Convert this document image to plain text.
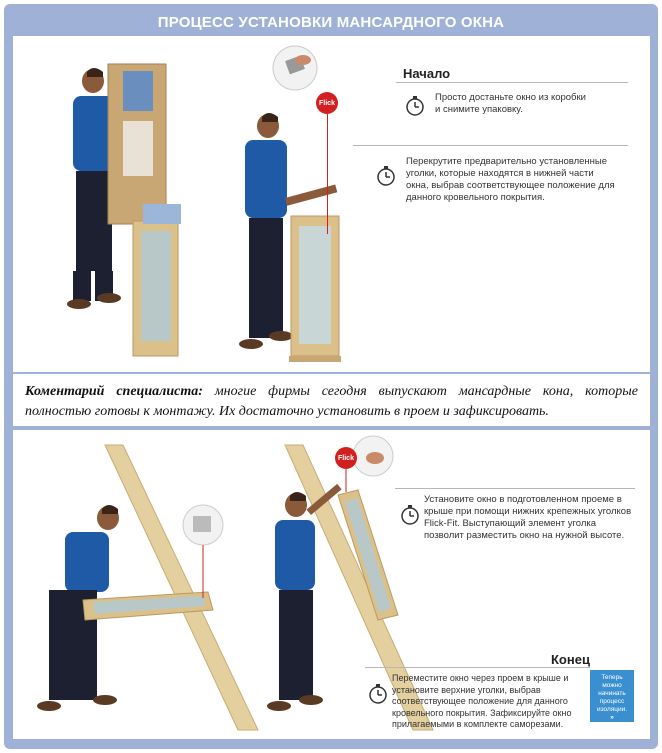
ПРОЦЕСС УСТАНОВКИ МАНСАРДНОГО ОКНА
Flick
Начало
Просто достаньте окно из коробки
и снимите упаковку.
Перекрутите предварительно установленные
уголки, которые находятся в нижней части
окна, выбрав соответствующее положение для
данного кровельного покрытия.
Коментарий специалиста: многие фирмы сегодня выпускают мансардные кона, которые полностью готовы к монтажу. Их достаточно установить в проем и зафиксировать.
Flick
Установите окно в подготовленном проеме в
крыше при помощи нижних крепежных уголков
Flick-Fit. Выступающий элемент уголка
позволит разместить окно на нужной высоте.
Конец
Переместите окно через проем в крыше и
установите верхние уголки, выбрав
соответствующее положение для данного
кровельного покрытия. Зафиксируйте окно
прилагаемыми в комплекте саморезами.
Теперь
можно
начинать
процесс
изоляции. »
